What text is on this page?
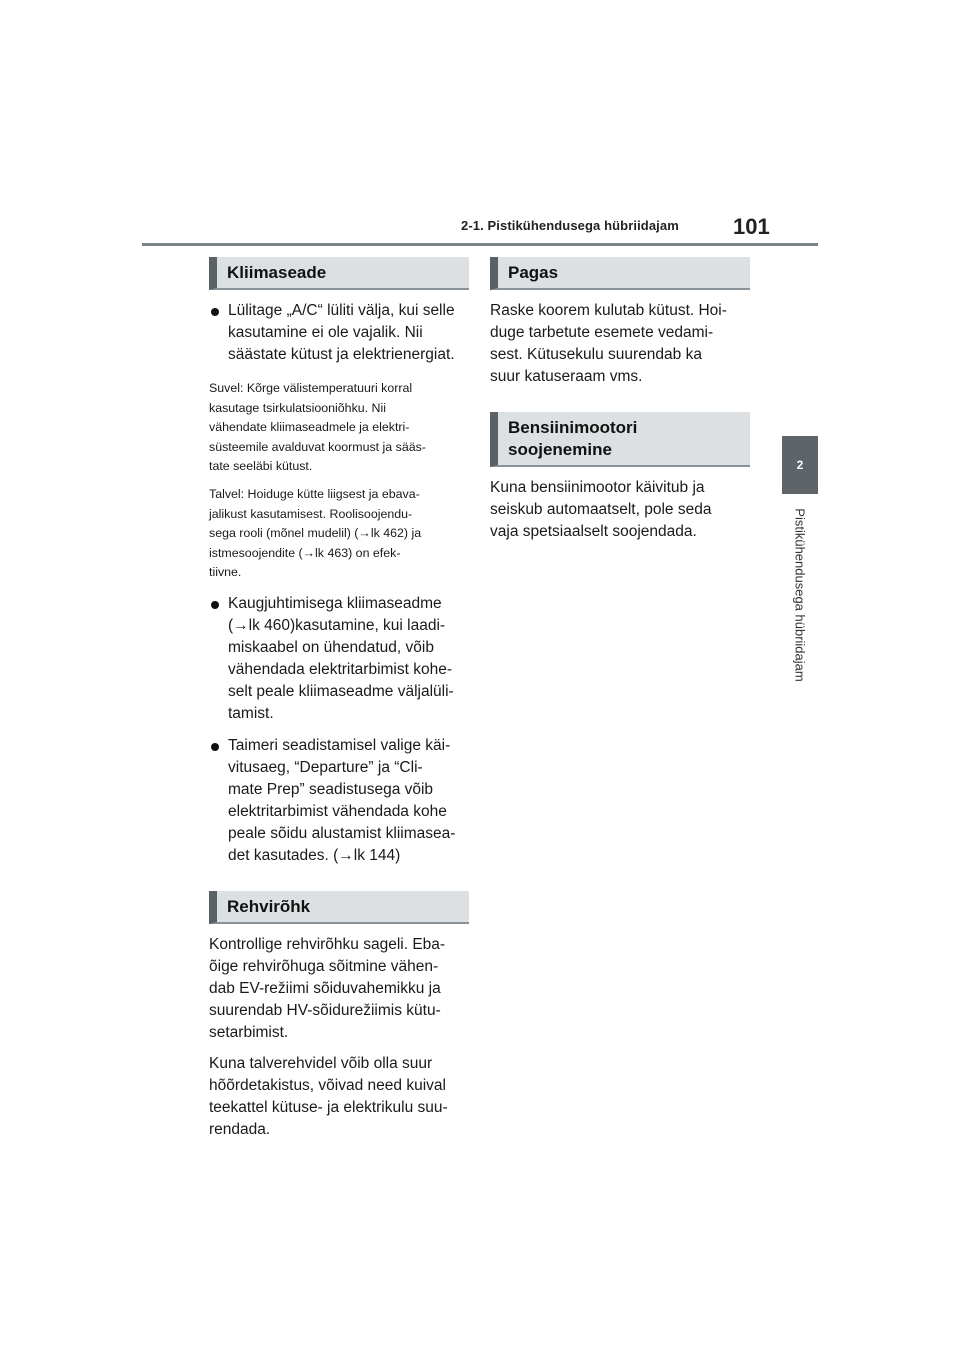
2-1. Pistikühendusega hübriidajam 101
2
Pistikühendusega hübriidajam
Kliimaseade
Lülitage „A/C“ lüliti välja, kui selle
kasutamine ei ole vajalik. Nii
säästate kütust ja elektrienergiat.
Suvel: Kõrge välistemperatuuri korral
kasutage tsirkulatsiooniõhku. Nii
vähendate kliimaseadmele ja elektri-
süsteemile avalduvat koormust ja sääs-
tate seeläbi kütust.
Talvel: Hoiduge kütte liigsest ja ebava-
jalikust kasutamisest. Roolisoojendu-
sega rooli (mõnel mudelil) (→lk 462) ja
istmesoojendite (→lk 463) on efek-
tiivne.
Kaugjuhtimisega kliimaseadme
(→lk 460)kasutamine, kui laadi-
miskaabel on ühendatud, võib
vähendada elektritarbimist kohe-
selt peale kliimaseadme väljalüli-
tamist.
Taimeri seadistamisel valige käi-
vitusaeg, “Departure” ja “Cli-
mate Prep” seadistusega võib
elektritarbimist vähendada kohe
peale sõidu alustamist kliimasea-
det kasutades. (→lk 144)
Rehvirõhk
Kontrollige rehvirõhku sageli. Eba-
õige rehvirõhuga sõitmine vähen-
dab EV-režiimi sõiduvahemikku ja
suurendab HV-sõidurežiimis kütu-
setarbimist.
Kuna talverehvidel võib olla suur
hõõrdetakistus, võivad need kuival
teekattel kütuse- ja elektrikulu suu-
rendada.
Pagas
Raske koorem kulutab kütust. Hoi-
duge tarbetute esemete vedami-
sest. Kütusekulu suurendab ka
suur katuseraam vms.
Bensiinimootori
soojenemine
Kuna bensiinimootor käivitub ja
seiskub automaatselt, pole seda
vaja spetsiaalselt soojendada.
